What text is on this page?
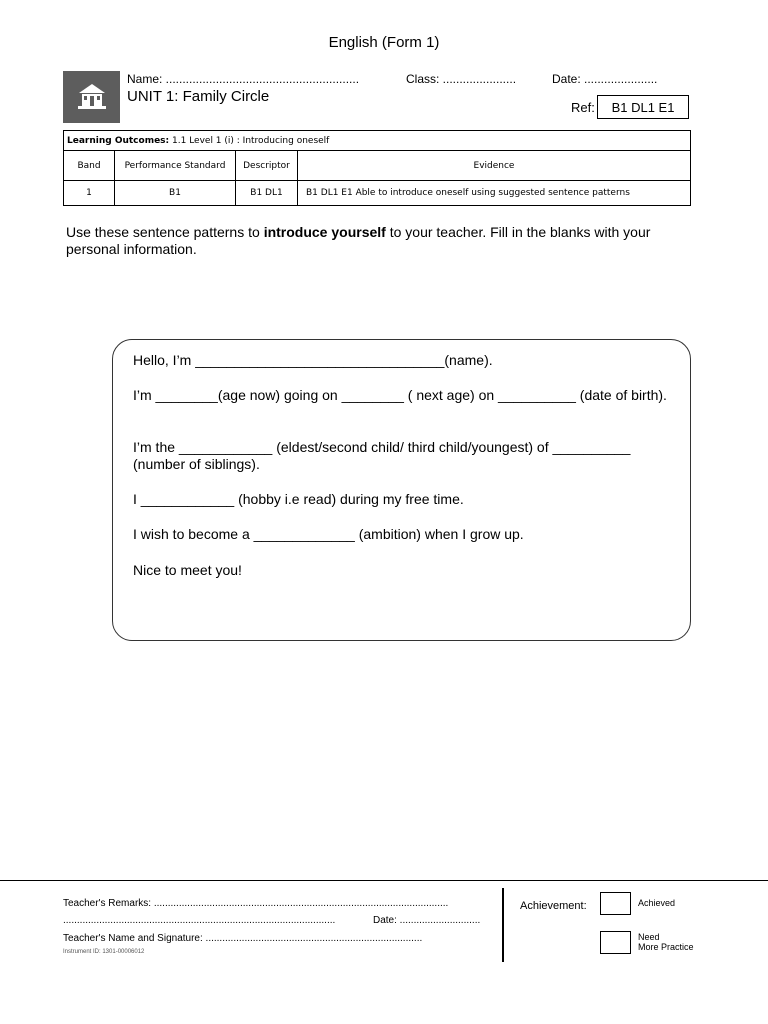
English (Form 1)
Name: ..........................................................	Class: ......................	Date: ......................
UNIT 1: Family Circle
Ref:	B1 DL1 E1
Learning Outcomes: 1.1 Level 1 (i) : Introducing oneself			
Band	Performance Standard	Descriptor	Evidence
1	B1	B1 DL1	B1 DL1 E1 Able to introduce oneself using suggested sentence patterns
Use these sentence patterns to introduce yourself to your teacher. Fill in the blanks with your personal information.

Hello, I’m ________________________________(name).

I’m ________(age now) going on ________ ( next age) on __________ (date of birth).

I’m the ____________ (eldest/second child/ third child/youngest) of __________ (number of siblings).

I ____________ (hobby i.e read) during my free time.

I wish to become a _____________ (ambition) when I grow up.

Nice to meet you!

Teacher's Remarks: ..........................................................................................................
..................................................................................................	Date: .............................
Teacher's Name and Signature: ..............................................................................
Instrument ID: 1301-00006012
Achievement:	Achieved
Need
More Practice
